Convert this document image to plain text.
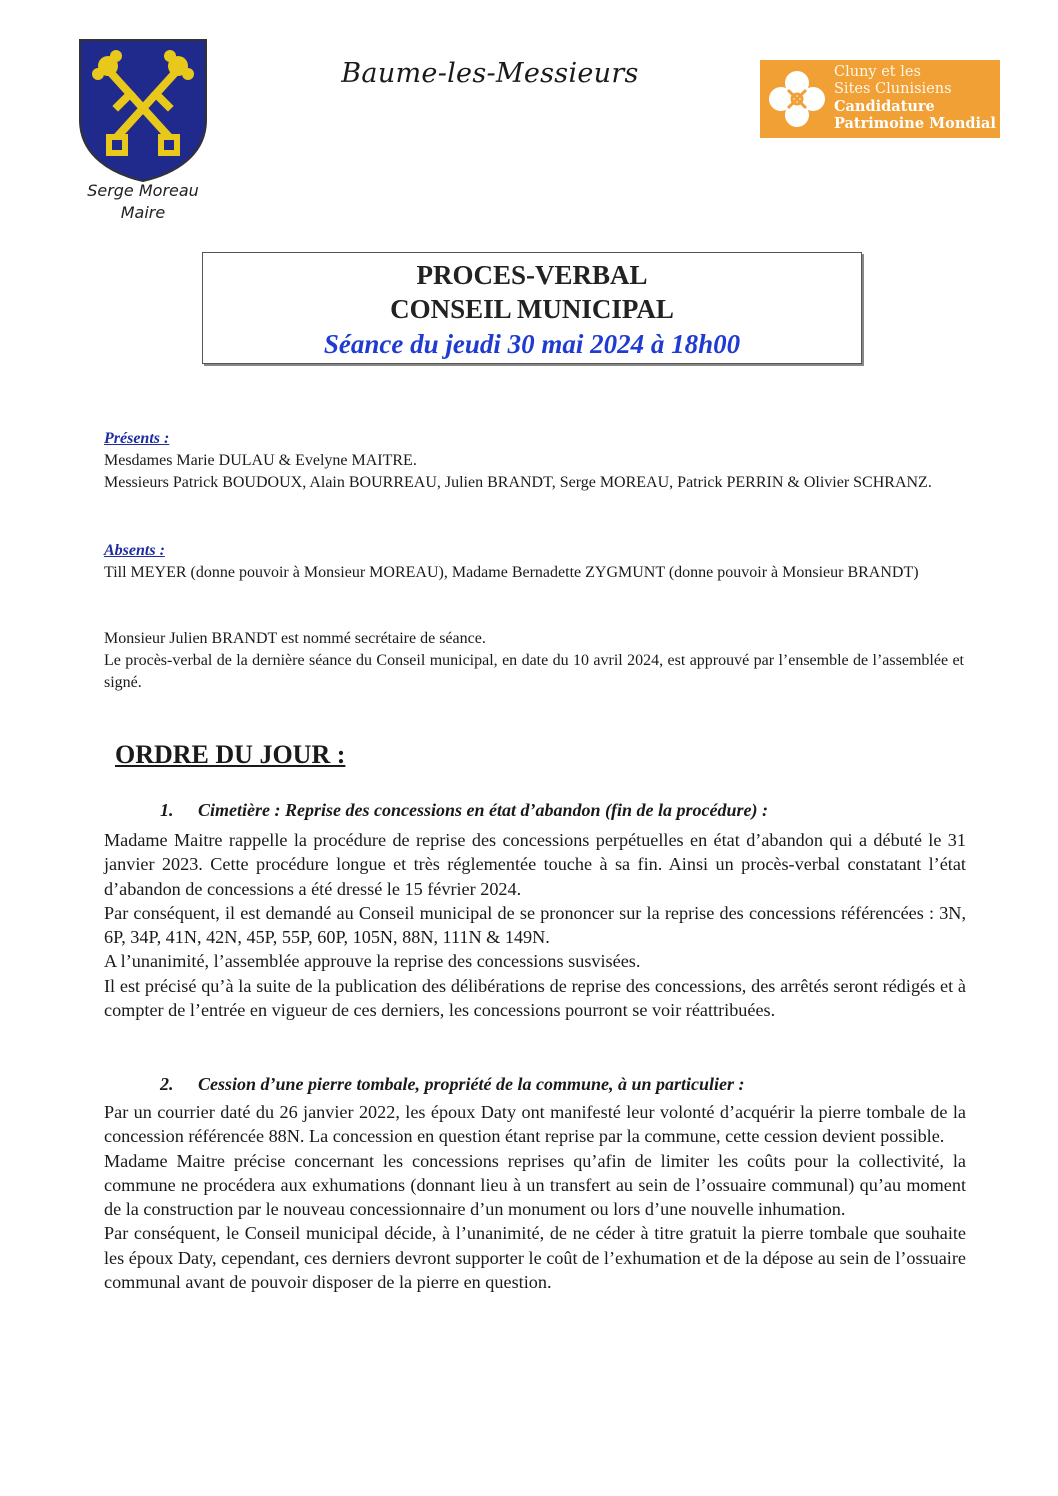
Serge Moreau
Maire
Baume-les-Messieurs	Cluny et les
Sites Clunisiens
Candidature
Patrimoine Mondial
PROCES-VERBAL
CONSEIL MUNICIPAL
Séance du jeudi 30 mai 2024 à 18h00
Présents :
Mesdames Marie DULAU & Evelyne MAITRE.
Messieurs Patrick BOUDOUX, Alain BOURREAU, Julien BRANDT, Serge MOREAU, Patrick PERRIN & Olivier SCHRANZ.
Absents :
Till MEYER (donne pouvoir à Monsieur MOREAU), Madame Bernadette ZYGMUNT (donne pouvoir à Monsieur BRANDT)
Monsieur Julien BRANDT est nommé secrétaire de séance.
Le procès-verbal de la dernière séance du Conseil municipal, en date du 10 avril 2024, est approuvé par l’ensemble de l’assemblée et signé.
ORDRE DU JOUR :
1. Cimetière : Reprise des concessions en état d’abandon (fin de la procédure) :

Madame Maitre rappelle la procédure de reprise des concessions perpétuelles en état d’abandon qui a débuté le 31 janvier 2023. Cette procédure longue et très réglementée touche à sa fin. Ainsi un procès-verbal constatant l’état d’abandon de concessions a été dressé le 15 février 2024.

Par conséquent, il est demandé au Conseil municipal de se prononcer sur la reprise des concessions référencées : 3N, 6P, 34P, 41N, 42N, 45P, 55P, 60P, 105N, 88N, 111N & 149N.

A l’unanimité, l’assemblée approuve la reprise des concessions susvisées.

Il est précisé qu’à la suite de la publication des délibérations de reprise des concessions, des arrêtés seront rédigés et à compter de l’entrée en vigueur de ces derniers, les concessions pourront se voir réattribuées.

2. Cession d’une pierre tombale, propriété de la commune, à un particulier :

Par un courrier daté du 26 janvier 2022, les époux Daty ont manifesté leur volonté d’acquérir la pierre tombale de la concession référencée 88N. La concession en question étant reprise par la commune, cette cession devient possible.

Madame Maitre précise concernant les concessions reprises qu’afin de limiter les coûts pour la collectivité, la commune ne procédera aux exhumations (donnant lieu à un transfert au sein de l’ossuaire communal) qu’au moment de la construction par le nouveau concessionnaire d’un monument ou lors d’une nouvelle inhumation.

Par conséquent, le Conseil municipal décide, à l’unanimité, de ne céder à titre gratuit la pierre tombale que souhaite les époux Daty, cependant, ces derniers devront supporter le coût de l’exhumation et de la dépose au sein de l’ossuaire communal avant de pouvoir disposer de la pierre en question.
